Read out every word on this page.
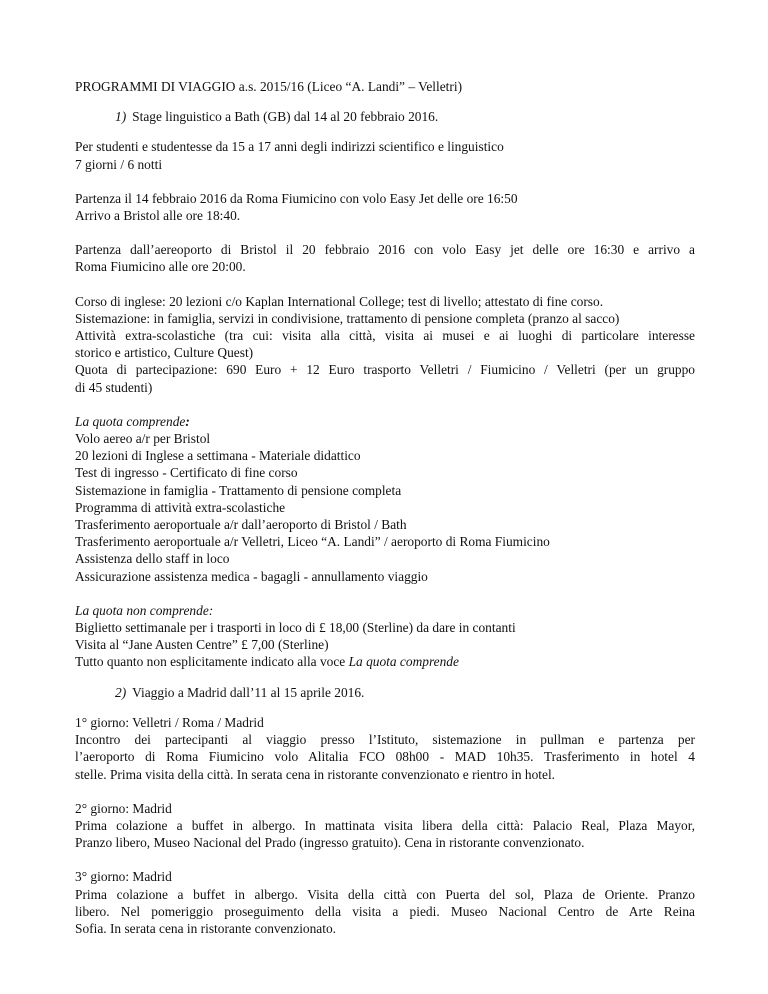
PROGRAMMI DI VIAGGIO a.s. 2015/16 (Liceo “A. Landi” – Velletri)
1) Stage linguistico a Bath (GB) dal 14 al 20 febbraio 2016.
Per studenti e studentesse da 15 a 17 anni degli indirizzi scientifico e linguistico
7 giorni / 6 notti
Partenza il 14 febbraio 2016 da Roma Fiumicino con volo Easy Jet delle ore 16:50
Arrivo a Bristol alle ore 18:40.
Partenza dall’aereoporto di Bristol il 20 febbraio 2016 con volo Easy jet delle ore 16:30 e arrivo a
Roma Fiumicino alle ore 20:00.
Corso di inglese: 20 lezioni c/o Kaplan International College; test di livello; attestato di fine corso.
Sistemazione: in famiglia, servizi in condivisione, trattamento di pensione completa (pranzo al sacco)
Attività extra-scolastiche (tra cui: visita alla città, visita ai musei e ai luoghi di particolare interesse
storico e artistico, Culture Quest)
Quota di partecipazione: 690 Euro + 12 Euro trasporto Velletri / Fiumicino / Velletri (per un gruppo
di 45 studenti)
La quota comprende:
Volo aereo a/r per Bristol
20 lezioni di Inglese a settimana - Materiale didattico
Test di ingresso - Certificato di fine corso
Sistemazione in famiglia - Trattamento di pensione completa
Programma di attività extra-scolastiche
Trasferimento aeroportuale a/r dall’aeroporto di Bristol / Bath
Trasferimento aeroportuale a/r Velletri, Liceo “A. Landi” / aeroporto di Roma Fiumicino
Assistenza dello staff in loco
Assicurazione assistenza medica - bagagli - annullamento viaggio
La quota non comprende:
Biglietto settimanale per i trasporti in loco di £ 18,00 (Sterline) da dare in contanti
Visita al “Jane Austen Centre” £ 7,00 (Sterline)
Tutto quanto non esplicitamente indicato alla voce La quota comprende
2) Viaggio a Madrid dall’11 al 15 aprile 2016.
1° giorno: Velletri / Roma / Madrid
Incontro dei partecipanti al viaggio presso l’Istituto, sistemazione in pullman e partenza per
l’aeroporto di Roma Fiumicino volo Alitalia FCO 08h00 - MAD 10h35. Trasferimento in hotel 4
stelle. Prima visita della città. In serata cena in ristorante convenzionato e rientro in hotel.
2° giorno: Madrid
Prima colazione a buffet in albergo. In mattinata visita libera della città: Palacio Real, Plaza Mayor,
Pranzo libero, Museo Nacional del Prado (ingresso gratuito). Cena in ristorante convenzionato.
3° giorno: Madrid
Prima colazione a buffet in albergo. Visita della città con Puerta del sol, Plaza de Oriente. Pranzo
libero. Nel pomeriggio proseguimento della visita a piedi. Museo Nacional Centro de Arte Reina
Sofia. In serata cena in ristorante convenzionato.
